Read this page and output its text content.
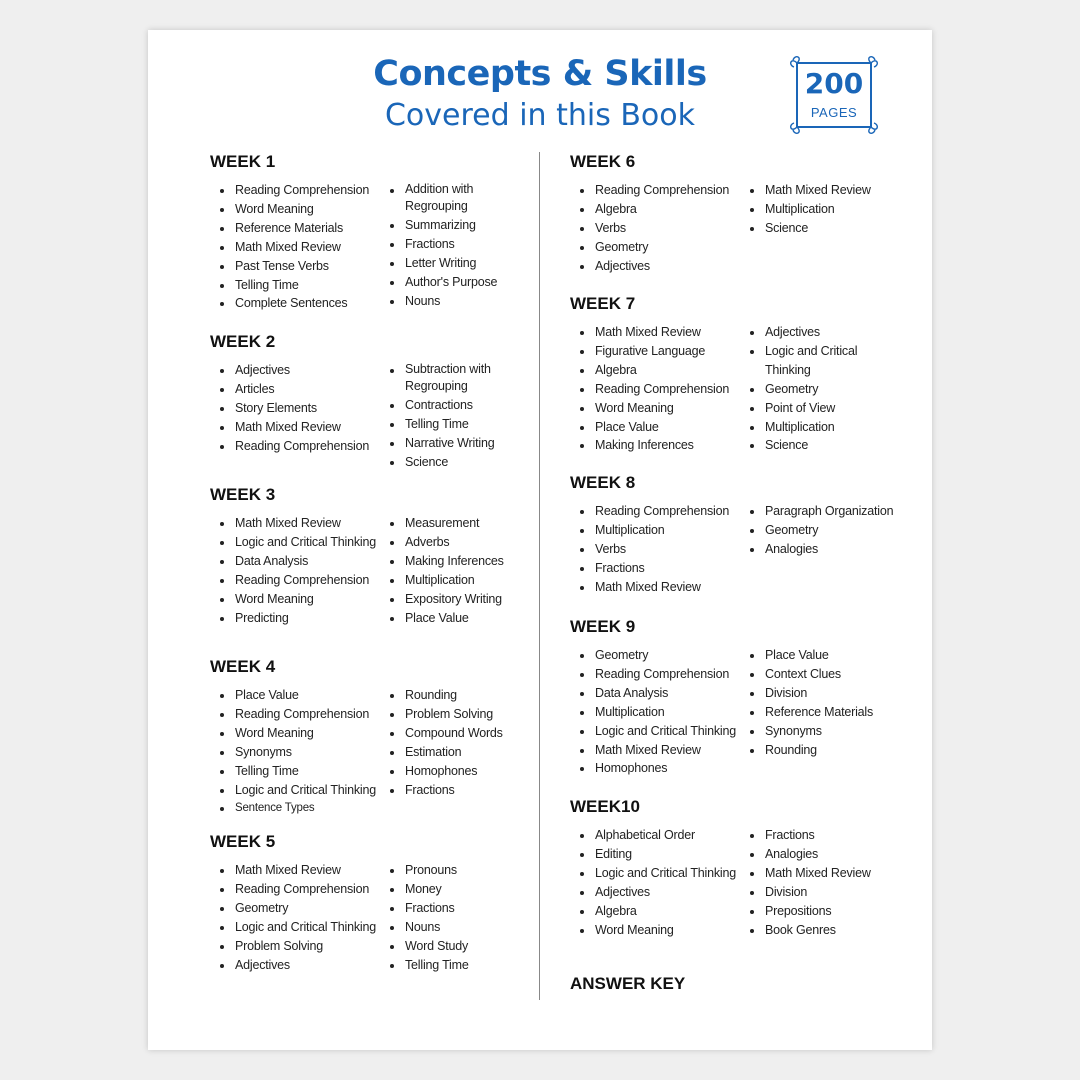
Concepts & Skills
Covered in this Book
200
PAGES
WEEK 1
Reading Comprehension
Word Meaning
Reference Materials
Math Mixed Review
Past Tense Verbs
Telling Time
Complete Sentences
Addition with Regrouping
Summarizing
Fractions
Letter Writing
Author's Purpose
Nouns
WEEK 2
Adjectives
Articles
Story Elements
Math Mixed Review
Reading Comprehension
Subtraction with Regrouping
Contractions
Telling Time
Narrative Writing
Science
WEEK 3
Math Mixed Review
Logic and Critical Thinking
Data Analysis
Reading Comprehension
Word Meaning
Predicting
Measurement
Adverbs
Making Inferences
Multiplication
Expository Writing
Place Value
WEEK 4
Place Value
Reading Comprehension
Word Meaning
Synonyms
Telling Time
Logic and Critical Thinking
Sentence Types
Rounding
Problem Solving
Compound Words
Estimation
Homophones
Fractions
WEEK 5
Math Mixed Review
Reading Comprehension
Geometry
Logic and Critical Thinking
Problem Solving
Adjectives
Pronouns
Money
Fractions
Nouns
Word Study
Telling Time
WEEK 6
Reading Comprehension
Algebra
Verbs
Geometry
Adjectives
Math Mixed Review
Multiplication
Science
WEEK 7
Math Mixed Review
Figurative Language
Algebra
Reading Comprehension
Word Meaning
Place Value
Making Inferences
Adjectives
Logic and Critical Thinking
Geometry
Point of View
Multiplication
Science
WEEK 8
Reading Comprehension
Multiplication
Verbs
Fractions
Math Mixed Review
Paragraph Organization
Geometry
Analogies
WEEK 9
Geometry
Reading Comprehension
Data Analysis
Multiplication
Logic and Critical Thinking
Math Mixed Review
Homophones
Place Value
Context Clues
Division
Reference Materials
Synonyms
Rounding
WEEK10
Alphabetical Order
Editing
Logic and Critical Thinking
Adjectives
Algebra
Word Meaning
Fractions
Analogies
Math Mixed Review
Division
Prepositions
Book Genres
ANSWER KEY
